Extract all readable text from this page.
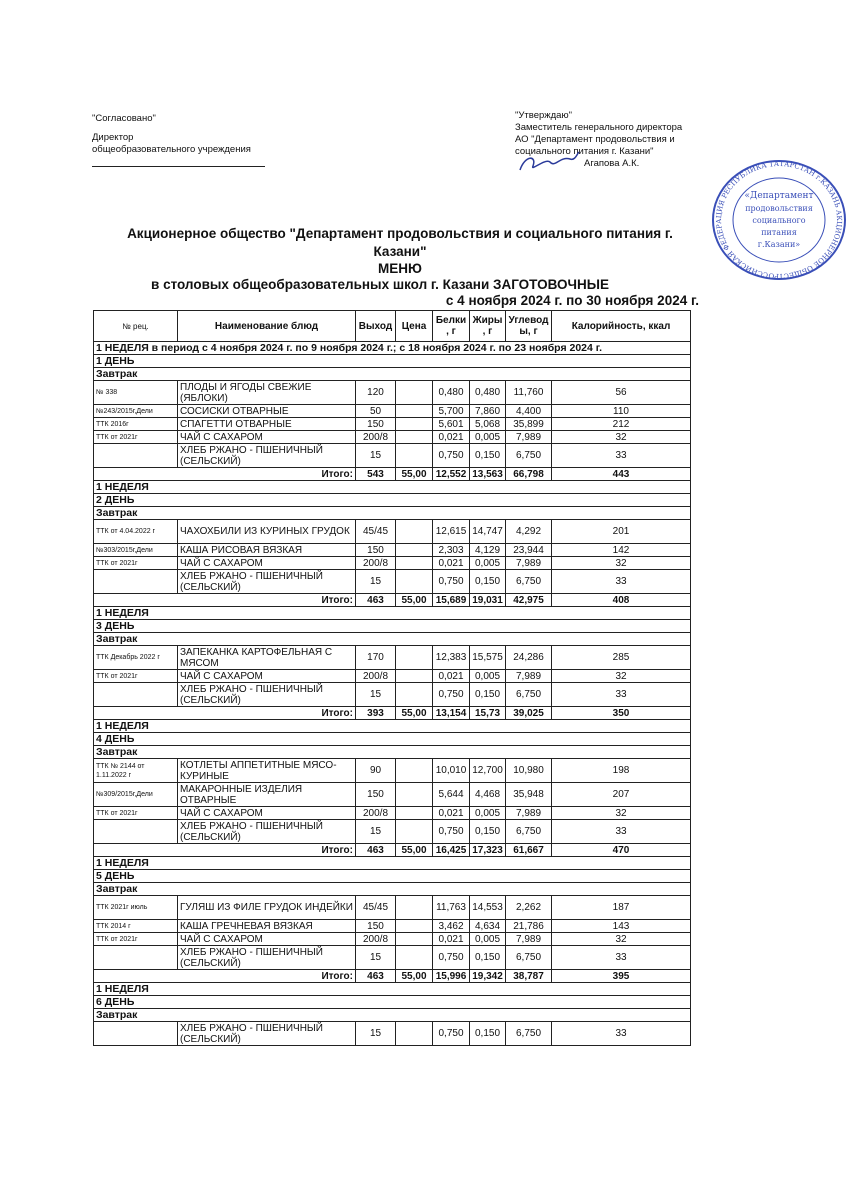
"Согласовано"
Директор
общеобразовательного учреждения
"Утверждаю"
Заместитель генерального директора
АО "Департамент продовольствия и
социального питания г. Казани"
Агапова А.К.
РОССИЙСКАЯ ФЕДЕРАЦИЯ РЕСПУБЛИКА ТАТАРСТАН г.КАЗАНЬ АКЦИОНЕРНОЕ ОБЩЕСТ
«Департамент
продовольствия
социального
питания
г.Казани»
Акционерное общество "Департамент продовольствия и социального питания г.
Казани"
МЕНЮ
в столовых общеобразовательных школ г. Казани ЗАГОТОВОЧНЫЕ
с 4 ноября 2024 г. по 30 ноября 2024 г.
№ рец.	Наименование блюд	Выход	Цена	Белки, г	Жиры, г	Углеводы, г	Калорийность, ккал
1 НЕДЕЛЯ в период с 4 ноября 2024 г. по 9 ноября 2024 г.; с 18 ноября 2024 г. по 23 ноября 2024 г.							
1 ДЕНЬ							
Завтрак							
№ 338	ПЛОДЫ И ЯГОДЫ СВЕЖИЕ (ЯБЛОКИ)	120		0,480	0,480	11,760	56
№243/2015г,Дели	СОСИСКИ ОТВАРНЫЕ	50		5,700	7,860	4,400	110
ТТК 2016г	СПАГЕТТИ ОТВАРНЫЕ	150		5,601	5,068	35,899	212
ТТК от 2021г	ЧАЙ С САХАРОМ	200/8		0,021	0,005	7,989	32
	ХЛЕБ РЖАНО - ПШЕНИЧНЫЙ (СЕЛЬСКИЙ)	15		0,750	0,150	6,750	33
Итого:		543	55,00	12,552	13,563	66,798	443
1 НЕДЕЛЯ							
2 ДЕНЬ							
Завтрак							
ТТК от 4.04.2022 г	ЧАХОХБИЛИ ИЗ КУРИНЫХ ГРУДОК	45/45		12,615	14,747	4,292	201
№303/2015г,Дели	КАША РИСОВАЯ ВЯЗКАЯ	150		2,303	4,129	23,944	142
ТТК от 2021г	ЧАЙ С САХАРОМ	200/8		0,021	0,005	7,989	32
	ХЛЕБ РЖАНО - ПШЕНИЧНЫЙ (СЕЛЬСКИЙ)	15		0,750	0,150	6,750	33
Итого:		463	55,00	15,689	19,031	42,975	408
1 НЕДЕЛЯ							
3 ДЕНЬ							
Завтрак							
ТТК Декабрь 2022 г	ЗАПЕКАНКА КАРТОФЕЛЬНАЯ С МЯСОМ	170		12,383	15,575	24,286	285
ТТК от 2021г	ЧАЙ С САХАРОМ	200/8		0,021	0,005	7,989	32
	ХЛЕБ РЖАНО - ПШЕНИЧНЫЙ (СЕЛЬСКИЙ)	15		0,750	0,150	6,750	33
Итого:		393	55,00	13,154	15,73	39,025	350
1 НЕДЕЛЯ							
4 ДЕНЬ							
Завтрак							
ТТК № 2144 от 1.11.2022 г	КОТЛЕТЫ АППЕТИТНЫЕ МЯСО-КУРИНЫЕ	90		10,010	12,700	10,980	198
№309/2015г,Дели	МАКАРОННЫЕ ИЗДЕЛИЯ ОТВАРНЫЕ	150		5,644	4,468	35,948	207
ТТК от 2021г	ЧАЙ С САХАРОМ	200/8		0,021	0,005	7,989	32
	ХЛЕБ РЖАНО - ПШЕНИЧНЫЙ (СЕЛЬСКИЙ)	15		0,750	0,150	6,750	33
Итого:		463	55,00	16,425	17,323	61,667	470
1 НЕДЕЛЯ							
5 ДЕНЬ							
Завтрак							
ТТК 2021г июль	ГУЛЯШ ИЗ ФИЛЕ ГРУДОК ИНДЕЙКИ	45/45		11,763	14,553	2,262	187
ТТК 2014 г	КАША ГРЕЧНЕВАЯ ВЯЗКАЯ	150		3,462	4,634	21,786	143
ТТК от 2021г	ЧАЙ С САХАРОМ	200/8		0,021	0,005	7,989	32
	ХЛЕБ РЖАНО - ПШЕНИЧНЫЙ (СЕЛЬСКИЙ)	15		0,750	0,150	6,750	33
Итого:		463	55,00	15,996	19,342	38,787	395
1 НЕДЕЛЯ							
6 ДЕНЬ							
Завтрак							
	ХЛЕБ РЖАНО - ПШЕНИЧНЫЙ (СЕЛЬСКИЙ)	15		0,750	0,150	6,750	33
